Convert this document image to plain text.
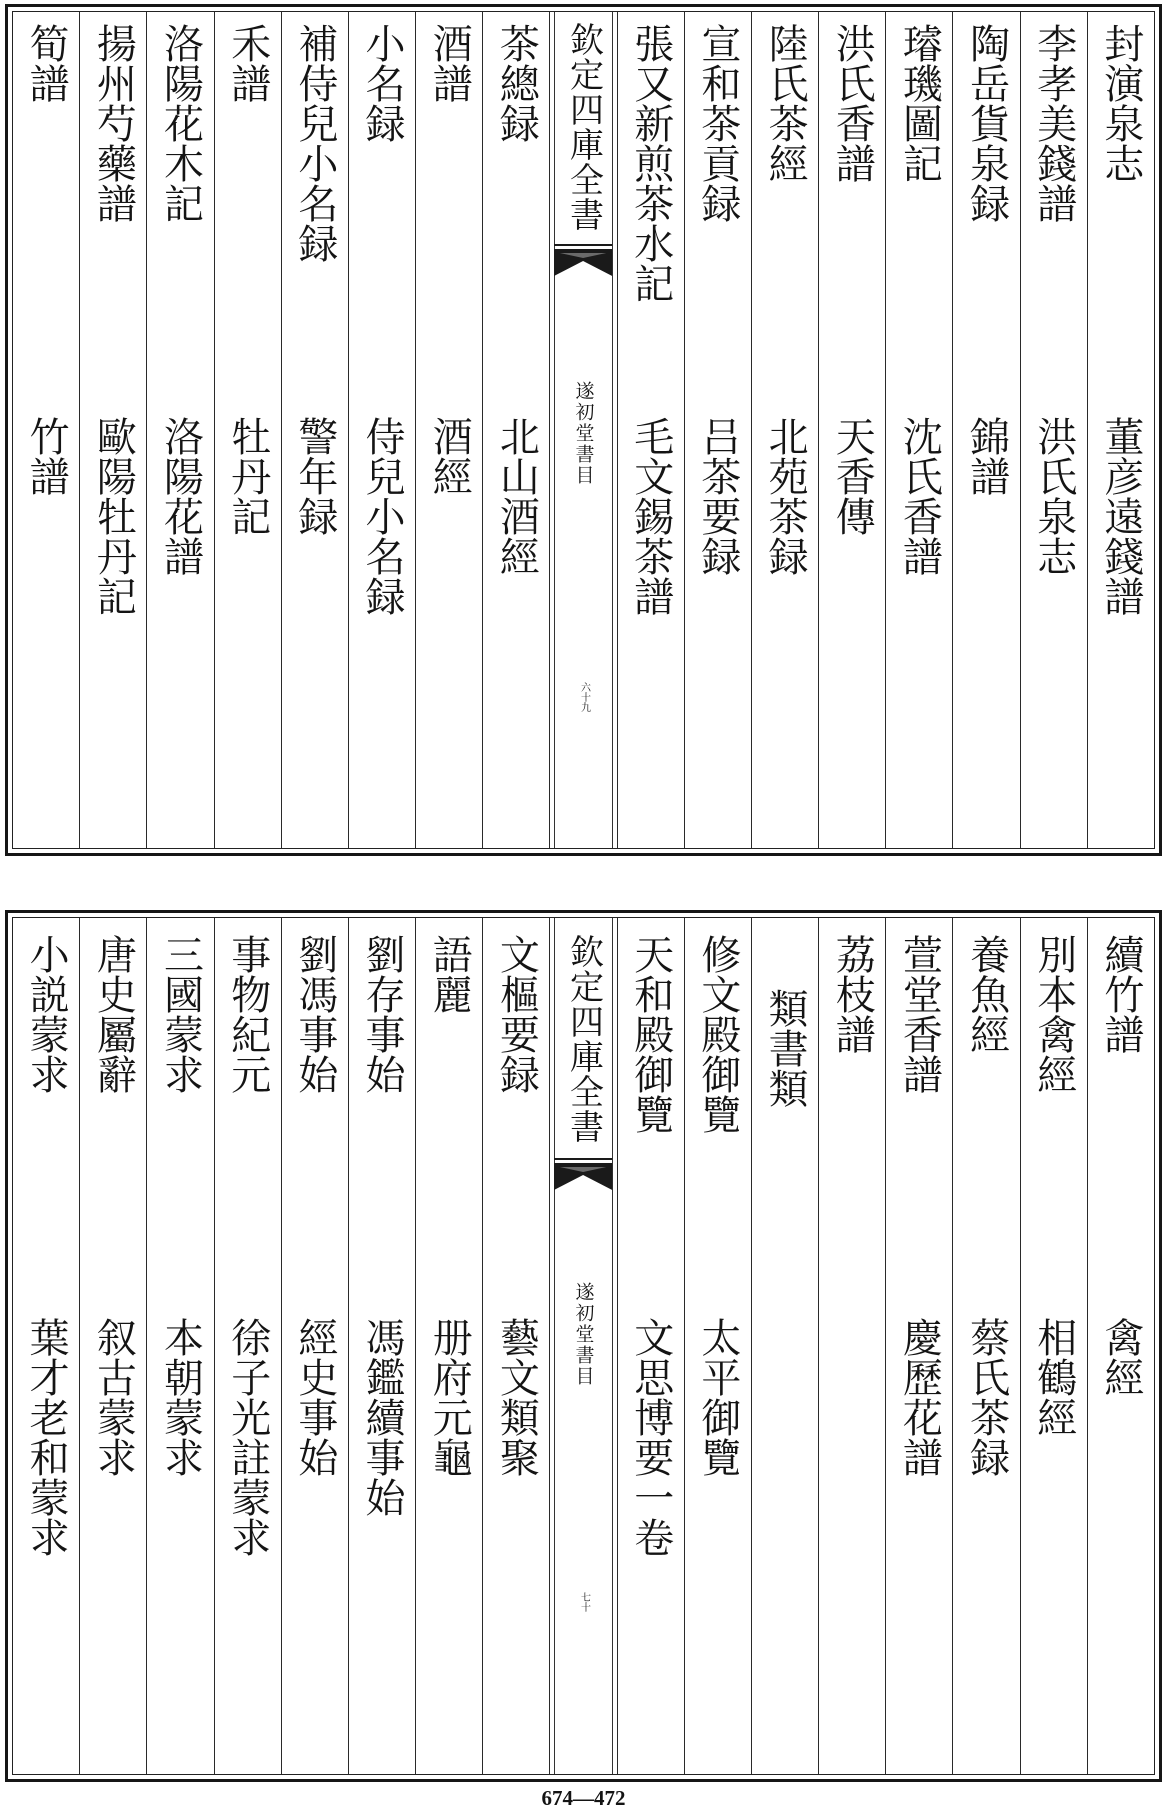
封演泉志
董彦遠錢譜
李孝美錢譜
洪氏泉志
陶岳貨泉録
錦譜
璿璣圖記
沈氏香譜
洪氏香譜
天香傳
陸氏茶經
北苑茶録
宣和茶貢録
吕茶要録
張又新煎茶水記
毛文錫茶譜
欽定四庫全書
遂初堂書目
六十九
茶總録
北山酒經
酒譜
酒經
小名録
侍兒小名録
補侍兒小名録
警年録
禾譜
牡丹記
洛陽花木記
洛陽花譜
揚州芍藥譜
歐陽牡丹記
筍譜
竹譜
續竹譜
禽經
別本禽經
相鶴經
養魚經
蔡氏茶録
萱堂香譜
慶歷花譜
荔枝譜
類書類
修文殿御覽
太平御覽
天和殿御覽
文思博要一卷
欽定四庫全書
遂初堂書目
七十
文樞要録
藝文類聚
語麗
册府元龜
劉存事始
馮鑑續事始
劉馮事始
經史事始
事物紀元
徐子光註蒙求
三國蒙求
本朝蒙求
唐史屬辭
叙古蒙求
小説蒙求
葉才老和蒙求
674—472
